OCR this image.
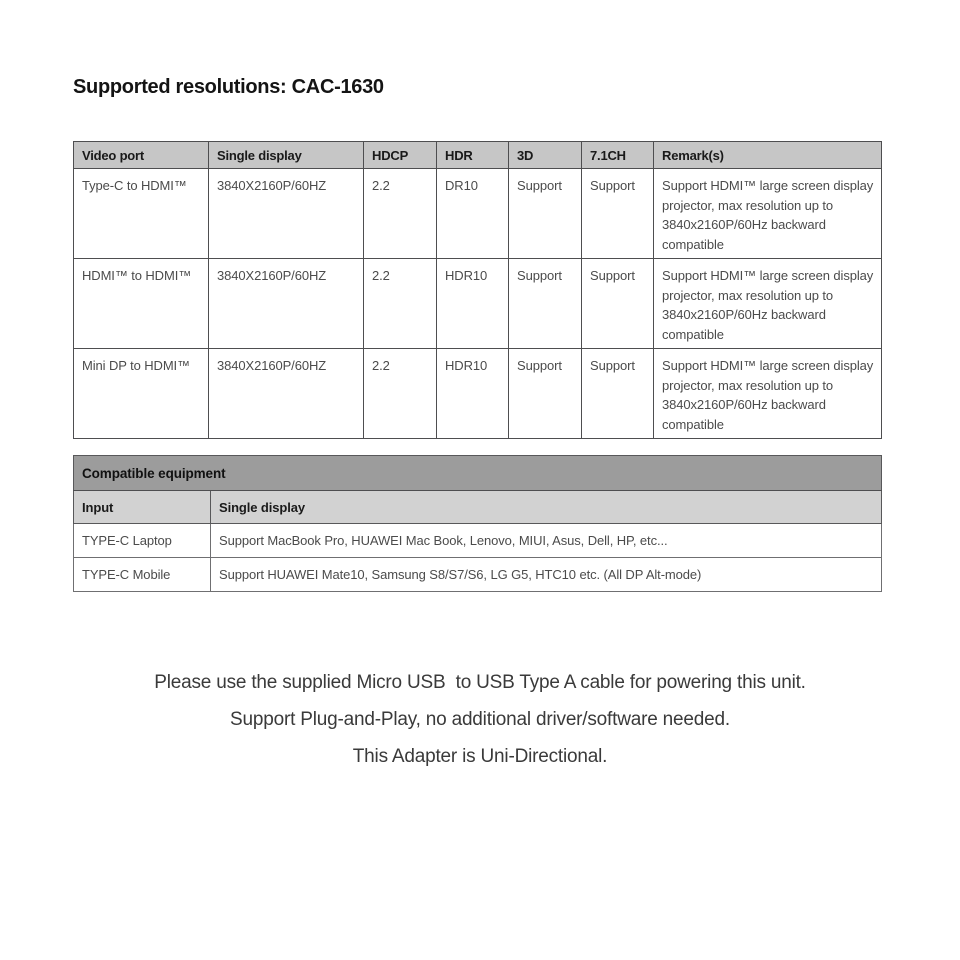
Supported resolutions: CAC-1630
Video port	Single display	HDCP	HDR	3D	7.1CH	Remark(s)
Type-C to HDMI™	3840X2160P/60HZ	2.2	DR10	Support	Support	Support HDMI™ large screen display projector, max resolution up to 3840x2160P/60Hz backward compatible
HDMI™ to HDMI™	3840X2160P/60HZ	2.2	HDR10	Support	Support	Support HDMI™ large screen display projector, max resolution up to 3840x2160P/60Hz backward compatible
Mini DP to HDMI™	3840X2160P/60HZ	2.2	HDR10	Support	Support	Support HDMI™ large screen display projector, max resolution up to 3840x2160P/60Hz backward compatible
Compatible equipment	
Input	Single display
TYPE-C Laptop	Support MacBook Pro, HUAWEI Mac Book, Lenovo, MIUI, Asus, Dell, HP, etc...
TYPE-C Mobile	Support HUAWEI Mate10, Samsung S8/S7/S6, LG G5, HTC10 etc. (All DP Alt-mode)
Please use the supplied Micro USB  to USB Type A cable for powering this unit.
Support Plug-and-Play, no additional driver/software needed.
This Adapter is Uni-Directional.
